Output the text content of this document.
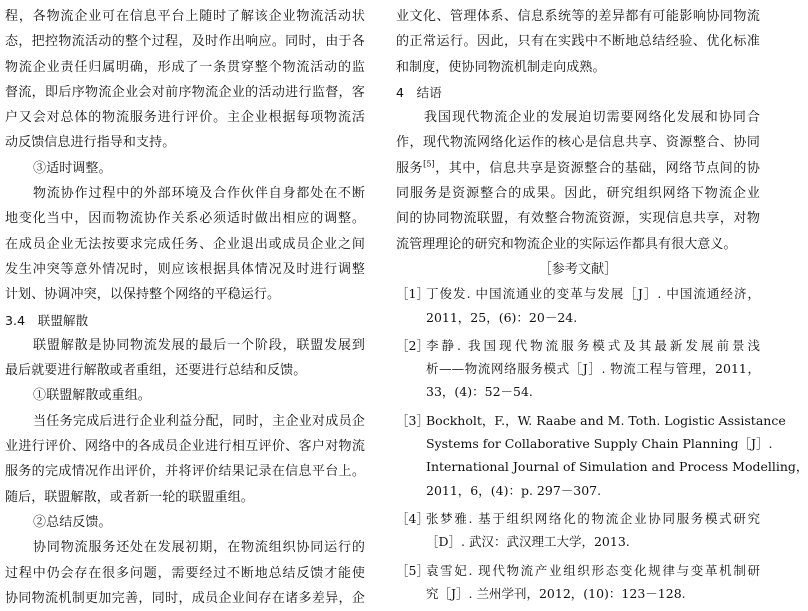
程，各物流企业可在信息平台上随时了解该企业物流活动状
态，把控物流活动的整个过程，及时作出响应。同时，由于各
物流企业责任归属明确，形成了一条贯穿整个物流活动的监
督流，即后序物流企业会对前序物流企业的活动进行监督，客
户又会对总体的物流服务进行评价。主企业根据每项物流活
动反馈信息进行指导和支持。
③适时调整。
物流协作过程中的外部环境及合作伙伴自身都处在不断
地变化当中，因而物流协作关系必须适时做出相应的调整。
在成员企业无法按要求完成任务、企业退出或成员企业之间
发生冲突等意外情况时，则应该根据具体情况及时进行调整
计划、协调冲突，以保持整个网络的平稳运行。
3.4　联盟解散
联盟解散是协同物流发展的最后一个阶段，联盟发展到
最后就要进行解散或者重组，还要进行总结和反馈。
①联盟解散或重组。
当任务完成后进行企业利益分配，同时，主企业对成员企
业进行评价、网络中的各成员企业进行相互评价、客户对物流
服务的完成情况作出评价，并将评价结果记录在信息平台上。
随后，联盟解散，或者新一轮的联盟重组。
②总结反馈。
协同物流服务还处在发展初期，在物流组织协同运行的
过程中仍会存在很多问题，需要经过不断地总结反馈才能使
协同物流机制更加完善，同时，成员企业间存在诸多差异，企
业文化、管理体系、信息系统等的差异都有可能影响协同物流
的正常运行。因此，只有在实践中不断地总结经验、优化标准
和制度，使协同物流机制走向成熟。
4　结语
我国现代物流企业的发展迫切需要网络化发展和协同合
作，现代物流网络化运作的核心是信息共享、资源整合、协同
服务[5]，其中，信息共享是资源整合的基础，网络节点间的协
同服务是资源整合的成果。因此，研究组织网络下物流企业
间的协同物流联盟，有效整合物流资源，实现信息共享，对物
流管理理论的研究和物流企业的实际运作都具有很大意义。
［参考文献］
［1］
丁俊发. 中国流通业的变革与发展［J］. 中国流通经济，
2011，25，(6)：20－24.
［2］
李静. 我国现代物流服务模式及其最新发展前景浅
析——物流网络服务模式［J］. 物流工程与管理，2011，
33，(4)：52－54.
［3］
Bockholt，F.，W. Raabe and M. Toth. Logistic Assistance
Systems for Collaborative Supply Chain Planning［J］.
International Journal of Simulation and Process Modelling，
2011，6，(4)：p. 297－307.
［4］
张梦雅. 基于组织网络化的物流企业协同服务模式研究
［D］. 武汉：武汉理工大学，2013.
［5］
袁雪妃. 现代物流产业组织形态变化规律与变革机制研
究［J］. 兰州学刊，2012，(10)：123－128.
